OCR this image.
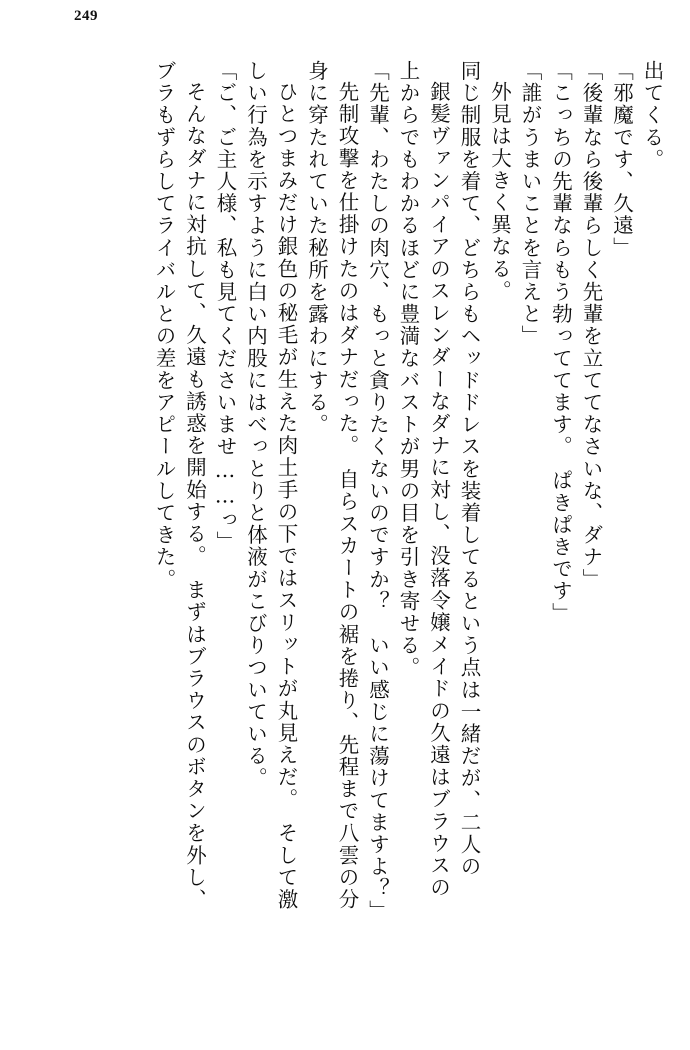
249
出てくる。
「邪魔です、久遠」
「後輩なら後輩らしく先輩を立ててなさいな、ダナ」
「こっちの先輩ならもう勃っててます。　ぱきぱきです」
「誰がうまいことを言えと」
外見は大きく異なる。
同じ制服を着て、どちらもヘッドドレスを装着してるという点は一緒だが、二人の
銀髪ヴァンパイアのスレンダーなダナに対し、没落令嬢メイドの久遠はブラウスの
上からでもわかるほどに豊満なバストが男の目を引き寄せる。
「先輩、わたしの肉穴、もっと貪りたくないのですか？　いい感じに蕩けてますよ？」
先制攻撃を仕掛けたのはダナだった。　自らスカートの裾を捲り、先程まで八雲の分
身に穿たれていた秘所を露わにする。
ひとつまみだけ銀色の秘毛が生えた肉土手の下ではスリットが丸見えだ。　そして激
しい行為を示すように白い内股にはべっとりと体液がこびりついている。
「ご、ご主人様、私も見てくださいませ……っ」
そんなダナに対抗して、久遠も誘惑を開始する。　まずはブラウスのボタンを外し、
ブラもずらしてライバルとの差をアピールしてきた。
